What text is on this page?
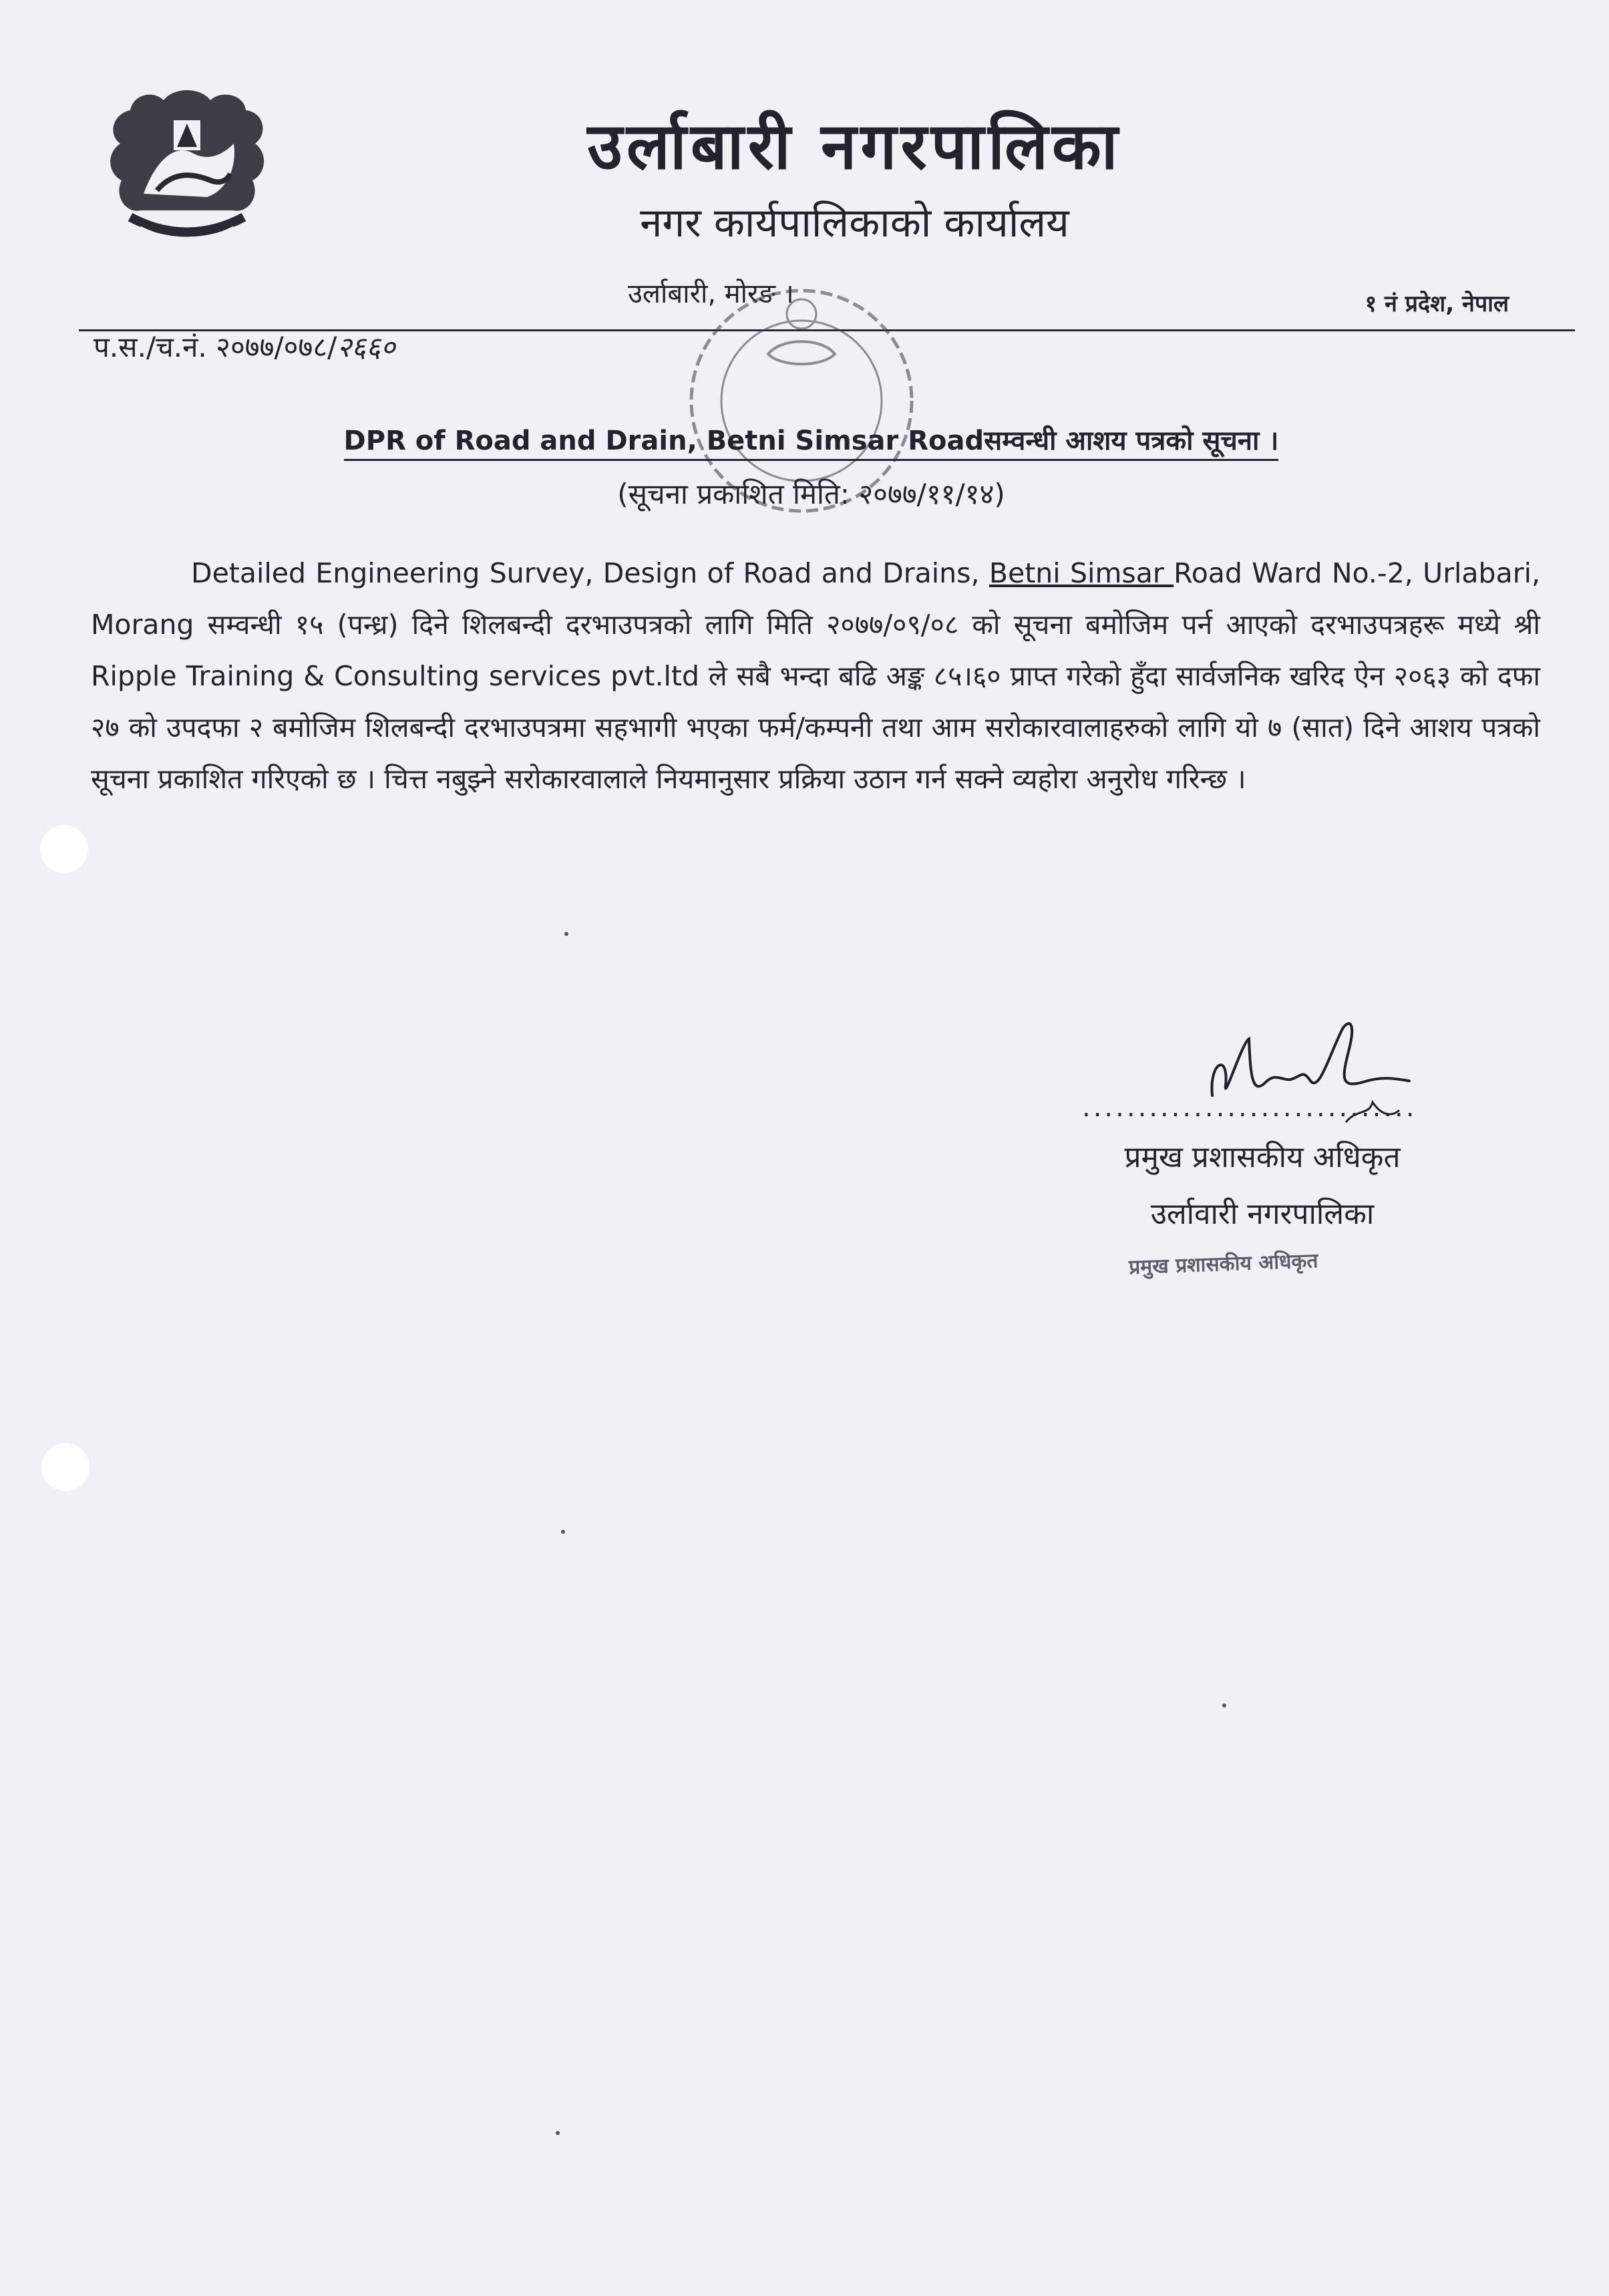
उर्लाबारी नगरपालिका
नगर कार्यपालिकाको कार्यालय
उर्लाबारी, मोरङ ।	१ नं प्रदेश, नेपाल
प.स./च.नं. २०७७/०७८/२६६०
DPR of Road and Drain, Betni Simsar Roadसम्वन्धी आशय पत्रको सूचना ।
(सूचना प्रकाशित मिति: २०७७/११/१४)
Detailed Engineering Survey, Design of Road and Drains, Betni Simsar Road Ward No.-2, Urlabari, Morang सम्वन्धी १५ (पन्ध्र) दिने शिलबन्दी दरभाउपत्रको लागि मिति २०७७/०९/०८ को सूचना बमोजिम पर्न आएको दरभाउपत्रहरू मध्ये श्री Ripple Training & Consulting services pvt.ltd ले सबै भन्दा बढि अङ्क ८५।६० प्राप्त गरेको हुँदा सार्वजनिक खरिद ऐन २०६३ को दफा २७ को उपदफा २ बमोजिम शिलबन्दी दरभाउपत्रमा सहभागी भएका फर्म/कम्पनी तथा आम सरोकारवालाहरुको लागि यो ७ (सात) दिने आशय पत्रको सूचना प्रकाशित गरिएको छ । चित्त नबुझ्ने सरोकारवालाले नियमानुसार प्रक्रिया उठान गर्न सक्ने व्यहोरा अनुरोध गरिन्छ ।
..............................
प्रमुख प्रशासकीय अधिकृत
उर्लावारी नगरपालिका
प्रमुख प्रशासकीय अधिकृत
